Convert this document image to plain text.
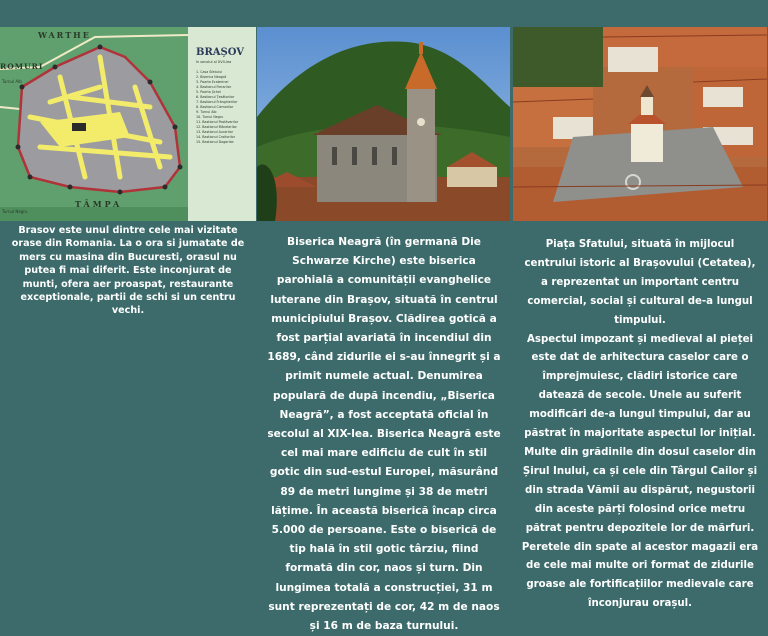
WARTHE
ROMURI
TÂMPA
Turnul Alb
Turnul Negru
BRAȘOV
în secolul al XVII-lea
1. Casa Sfatului
2. Biserica Neagră
3. Poarta Ecaterinei
4. Bastionul Fierarilor
5. Poarta Șchei
6. Bastionul Țesătorilor
7. Bastionul Frânghierilor
8. Bastionul Cizmarilor
9. Turnul Alb
10. Turnul Negru
11. Bastionul Postăvarilor
12. Bastionul Măcelarilor
13. Bastionul Aurarilor
14. Bastionul Croitorilor
15. Bastionul Dogarilor
Brasov este unul dintre cele mai vizitate orase din Romania. La o ora si jumatate de mers cu masina din Bucuresti, orasul nu putea fi mai diferit. Este inconjurat de munti, ofera aer proaspat, restaurante exceptionale, partii de schi si un centru vechi.
Biserica Neagră (în germană Die Schwarze Kirche) este biserica parohială a comunității evanghelice luterane din Brașov, situată în centrul municipiului Brașov. Clădirea gotică a fost parțial avariată în incendiul din 1689, când zidurile ei s-au înnegrit și a primit numele actual. Denumirea populară de după incendiu, „Biserica Neagră”, a fost acceptată oficial în secolul al XIX-lea. Biserica Neagră este cel mai mare edificiu de cult în stil gotic din sud-estul Europei, măsurând 89 de metri lungime și 38 de metri lățime. În această biserică încap circa 5.000 de persoane. Este o biserică de tip hală în stil gotic târziu, fiind formată din cor, naos și turn. Din lungimea totală a construcției, 31 m sunt reprezentați de cor, 42 m de naos și 16 m de baza turnului.

Piața Sfatului, situată în mijlocul centrului istoric al Brașovului (Cetatea), a reprezentat un important centru comercial, social și cultural de-a lungul timpului.

Aspectul impozant și medieval al pieței este dat de arhitectura caselor care o împrejmuiesc, clădiri istorice care datează de secole. Unele au suferit modificări de-a lungul timpului, dar au păstrat în majoritate aspectul lor inițial. Multe din grădinile din dosul caselor din Șirul Inului, ca și cele din Târgul Cailor și din strada Vămii au dispărut, negustorii din aceste părți folosind orice metru pătrat pentru depozitele lor de mărfuri. Peretele din spate al acestor magazii era de cele mai multe ori format de zidurile groase ale fortificațiilor medievale care înconjurau orașul.
